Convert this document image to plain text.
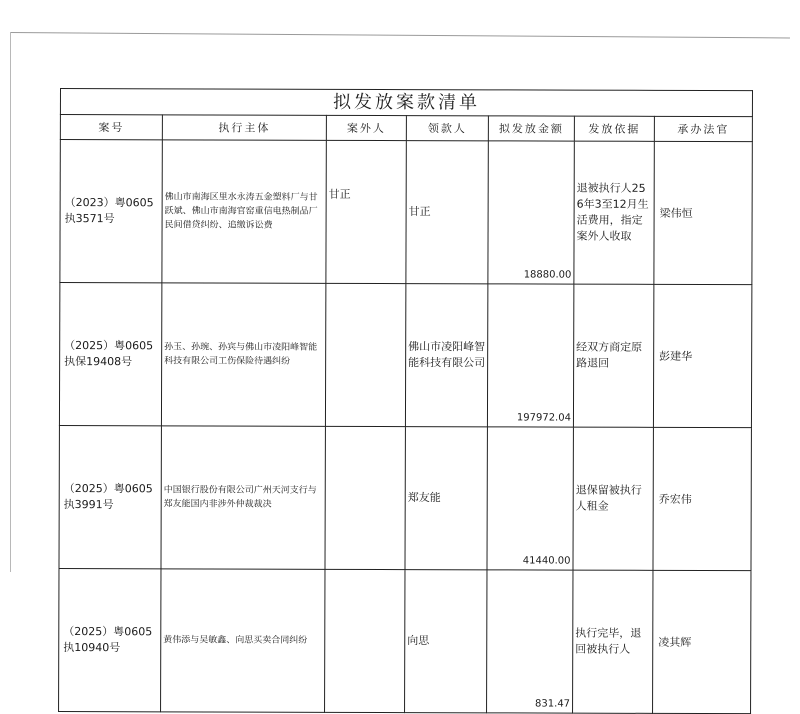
拟发放案款清单						
案号	执行主体	案外人	领款人	拟发放金额	发放依据	承办法官
（2023）粤0605执3571号	佛山市南海区里水永涛五金塑料厂与甘跃斌、佛山市南海官窑重信电热制品厂民间借贷纠纷、追缴诉讼费	甘正	甘正	18880.00	退被执行人256年3至12月生活费用，指定案外人收取	梁伟恒
（2025）粤0605执保19408号	孙玉、孙琬、孙宾与佛山市凌阳峰智能科技有限公司工伤保险待遇纠纷		佛山市凌阳峰智能科技有限公司	197972.04	经双方商定原路退回	彭建华
（2025）粤0605执3991号	中国银行股份有限公司广州天河支行与郑友能国内非涉外仲裁裁决		郑友能	41440.00	退保留被执行人租金	乔宏伟
（2025）粤0605执10940号	黄伟添与吴敏鑫、向思买卖合同纠纷		向思	831.47	执行完毕，退回被执行人	凌其辉
